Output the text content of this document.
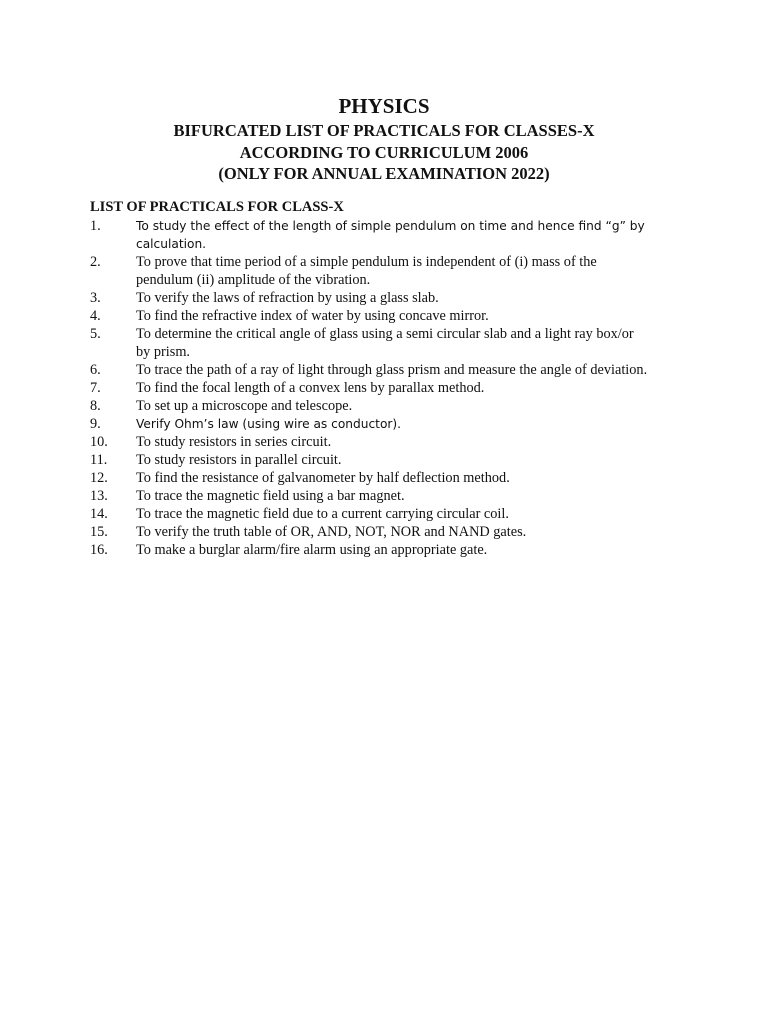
PHYSICS

BIFURCATED LIST OF PRACTICALS FOR CLASSES-X

ACCORDING TO CURRICULUM 2006

(ONLY FOR ANNUAL EXAMINATION 2022)

LIST OF PRACTICALS FOR CLASS-X

1.	To study the effect of the length of simple pendulum on time and hence find “g” by
calculation.
2.	To prove that time period of a simple pendulum is independent of (i) mass of the
pendulum (ii) amplitude of the vibration.
3.	To verify the laws of refraction by using a glass slab.
4.	To find the refractive index of water by using concave mirror.
5.	To determine the critical angle of glass using a semi circular slab and a light ray box/or
by prism.
6.	To trace the path of a ray of light through glass prism and measure the angle of deviation.
7.	To find the focal length of a convex lens by parallax method.
8.	To set up a microscope and telescope.
9.	Verify Ohm’s law (using wire as conductor).
10.	To study resistors in series circuit.
11.	To study resistors in parallel circuit.
12.	To find the resistance of galvanometer by half deflection method.
13.	To trace the magnetic field using a bar magnet.
14.	To trace the magnetic field due to a current carrying circular coil.
15.	To verify the truth table of OR, AND, NOT, NOR and NAND gates.
16.	To make a burglar alarm/fire alarm using an appropriate gate.
